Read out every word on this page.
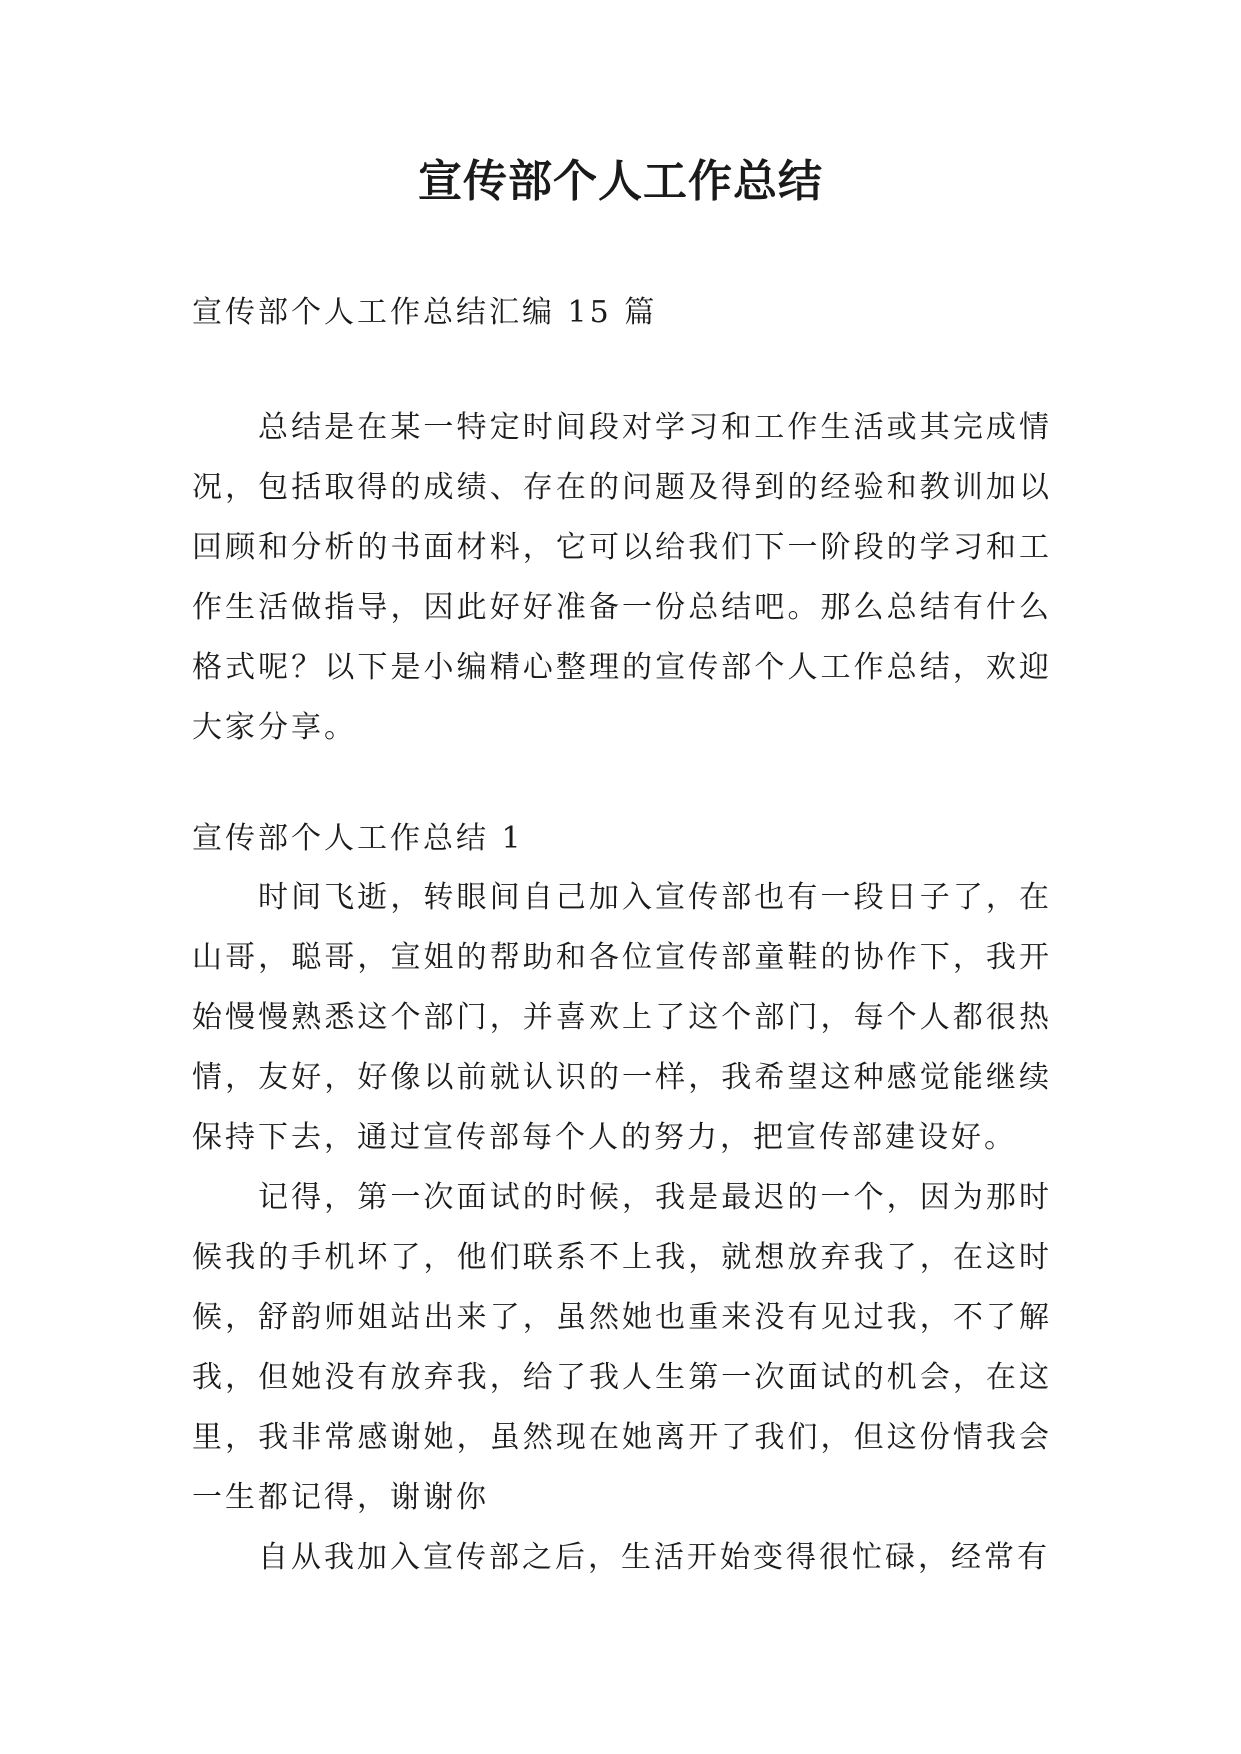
宣传部个人工作总结

宣传部个人工作总结汇编 15 篇

总结是在某一特定时间段对学习和工作生活或其完成情况，包括取得的成绩、存在的问题及得到的经验和教训加以回顾和分析的书面材料，它可以给我们下一阶段的学习和工作生活做指导，因此好好准备一份总结吧。那么总结有什么格式呢？以下是小编精心整理的宣传部个人工作总结，欢迎大家分享。

宣传部个人工作总结 1

时间飞逝，转眼间自己加入宣传部也有一段日子了，在山哥，聪哥，宣姐的帮助和各位宣传部童鞋的协作下，我开始慢慢熟悉这个部门，并喜欢上了这个部门，每个人都很热情，友好，好像以前就认识的一样，我希望这种感觉能继续保持下去，通过宣传部每个人的努力，把宣传部建设好。

记得，第一次面试的时候，我是最迟的一个，因为那时候我的手机坏了，他们联系不上我，就想放弃我了，在这时候，舒韵师姐站出来了，虽然她也重来没有见过我，不了解我，但她没有放弃我，给了我人生第一次面试的机会，在这里，我非常感谢她，虽然现在她离开了我们，但这份情我会一生都记得，谢谢你

自从我加入宣传部之后，生活开始变得很忙碌，经常有
